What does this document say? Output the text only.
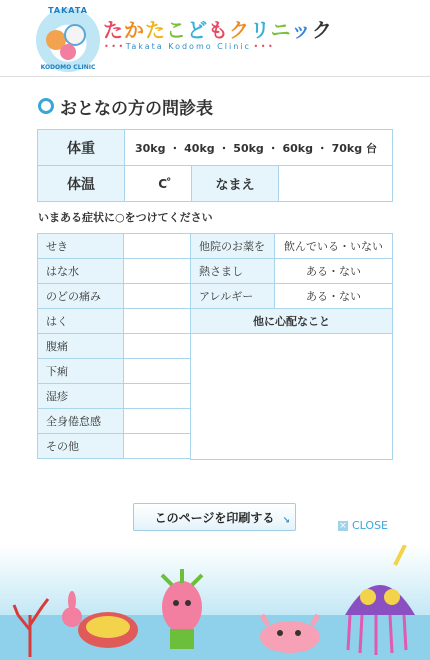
TAKATA
KODOMO CLINIC
たかたこどもクリニック
• • • Takata Kodomo Clinic • • •
おとなの方の問診表
体重	30kg ・ 40kg ・ 50kg ・ 60kg ・ 70kg 台		
体温	C゜	なまえ	
いまある症状に○をつけてください
せき		他院のお薬を	飲んでいる・いない
はな水		熱さまし	ある・ない
のどの痛み		アレルギー	ある・ない
はく		他に心配なこと	
腹痛			
下痢			
湿疹			
全身倦怠感			
その他			

このページを印刷する ↘	× CLOSE
